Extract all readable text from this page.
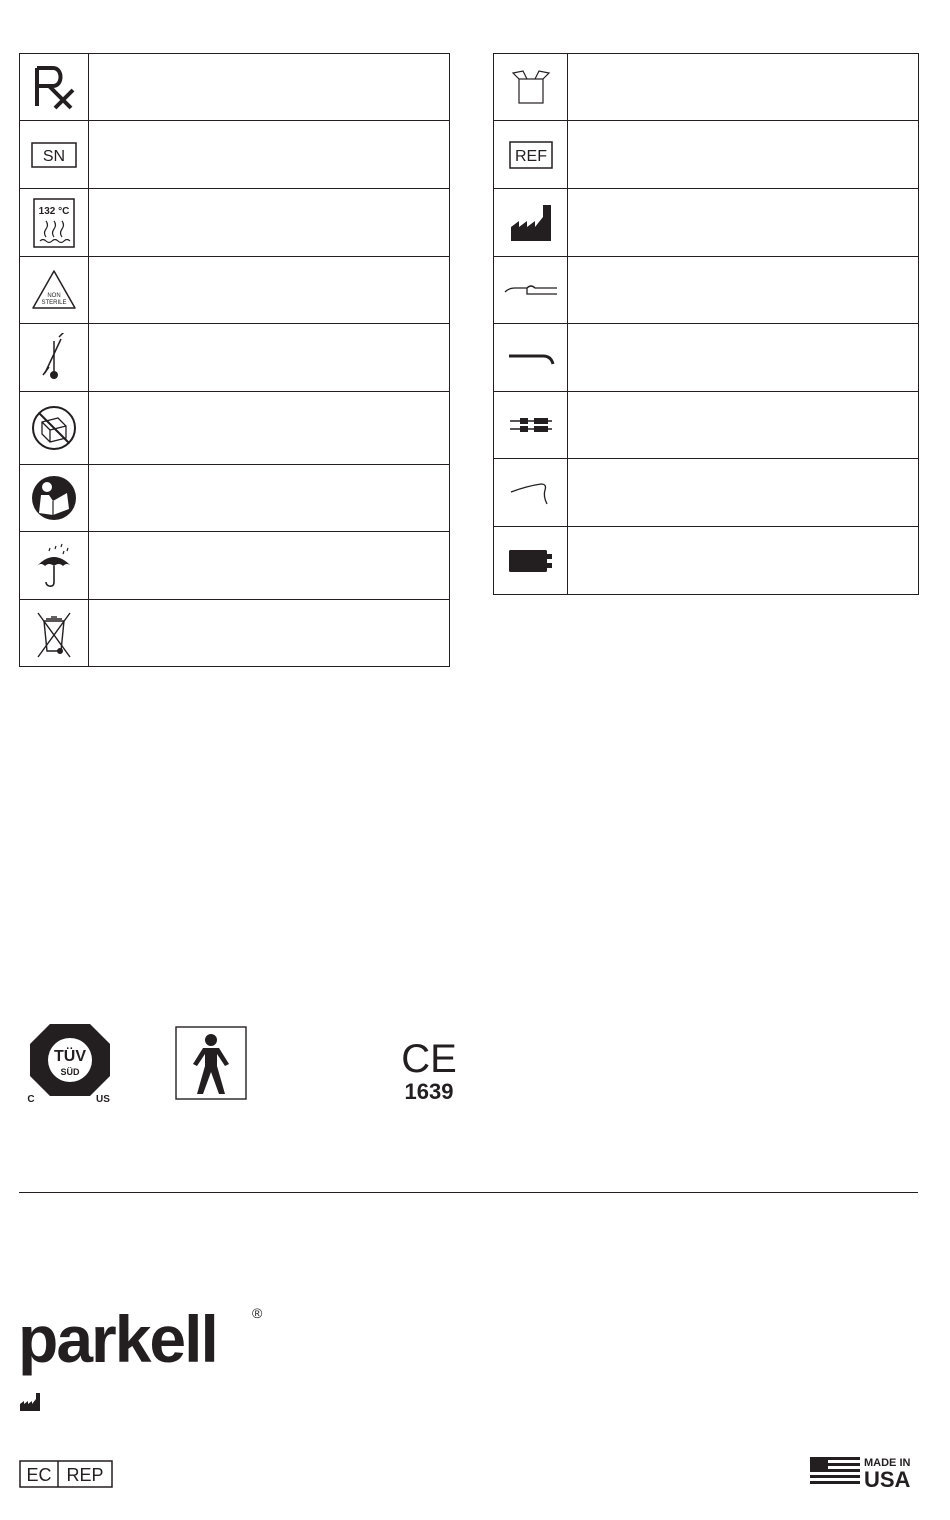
SN	

132 °C	

NON
STERILE	

REF	

TÜV
SÜD
C	US
CE
1639
parkell	®
EC REP
MADE IN
USA
